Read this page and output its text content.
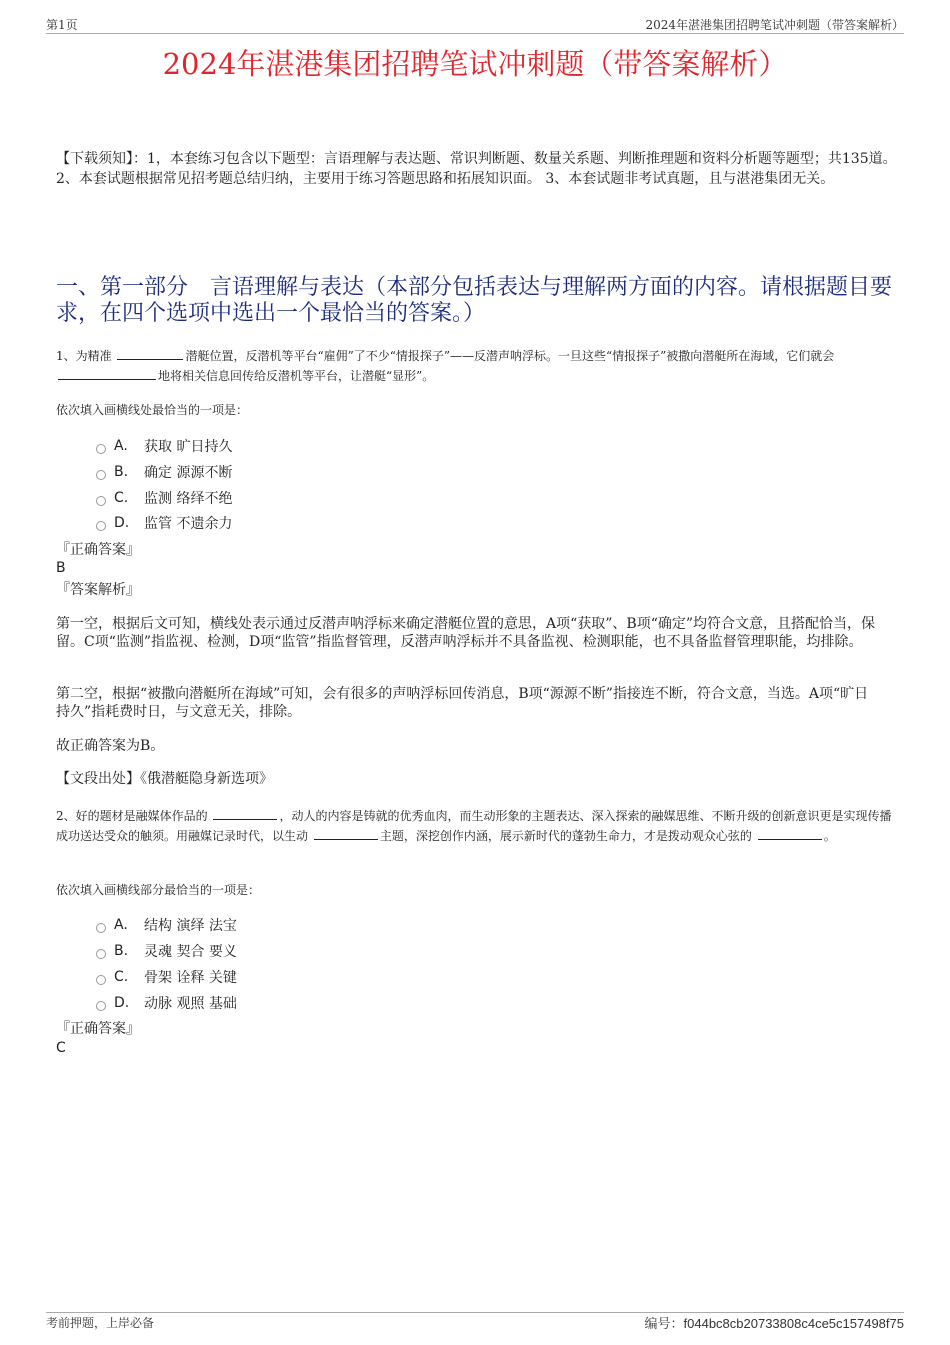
第1页	2024年湛港集团招聘笔试冲刺题（带答案解析）
2024年湛港集团招聘笔试冲刺题（带答案解析）
【下载须知】：1，本套练习包含以下题型：言语理解与表达题、常识判断题、数量关系题、判断推理题和资料分析题等题型；共135道。 2、本套试题根据常见招考题总结归纳，主要用于练习答题思路和拓展知识面。 3、本套试题非考试真题，且与湛港集团无关。
一、第一部分　言语理解与表达（本部分包括表达与理解两方面的内容。请根据题目要求，在四个选项中选出一个最恰当的答案。）
1、为精准	潜艇位置，反潜机等平台“雇佣”了不少“情报探子”——反潜声呐浮标。一旦这些“情报探子”被撒向潜艇所在海域，它们就会 地将相关信息回传给反潜机等平台，让潜艇“显形”。
依次填入画横线处最恰当的一项是：
A.	获取 旷日持久
B.	确定 源源不断
C.	监测 络绎不绝
D.	监管 不遗余力
『正确答案』
B
『答案解析』
第一空，根据后文可知，横线处表示通过反潜声呐浮标来确定潜艇位置的意思，A项“获取”、B项“确定”均符合文意，且搭配恰当，保留。C项“监测”指监视、检测，D项“监管”指监督管理，反潜声呐浮标并不具备监视、检测职能，也不具备监督管理职能，均排除。
第二空，根据“被撒向潜艇所在海域”可知，会有很多的声呐浮标回传消息，B项“源源不断”指接连不断，符合文意，当选。A项“旷日持久”指耗费时日，与文意无关，排除。
故正确答案为B。
【文段出处】《俄潜艇隐身新选项》
2、好的题材是融媒体作品的	，动人的内容是铸就的优秀血肉，而生动形象的主题表达、深入探索的融媒思维、不断升级的创新意识更是实现传播成功送达受众的触须。用融媒记录时代，以生动	主题，深挖创作内涵，展示新时代的蓬勃生命力，才是拨动观众心弦的	。
依次填入画横线部分最恰当的一项是：
A.	结构 演绎 法宝
B.	灵魂 契合 要义
C.	骨架 诠释 关键
D.	动脉 观照 基础
『正确答案』
C
考前押题，上岸必备	编号：f044bc8cb20733808c4ce5c157498f75
